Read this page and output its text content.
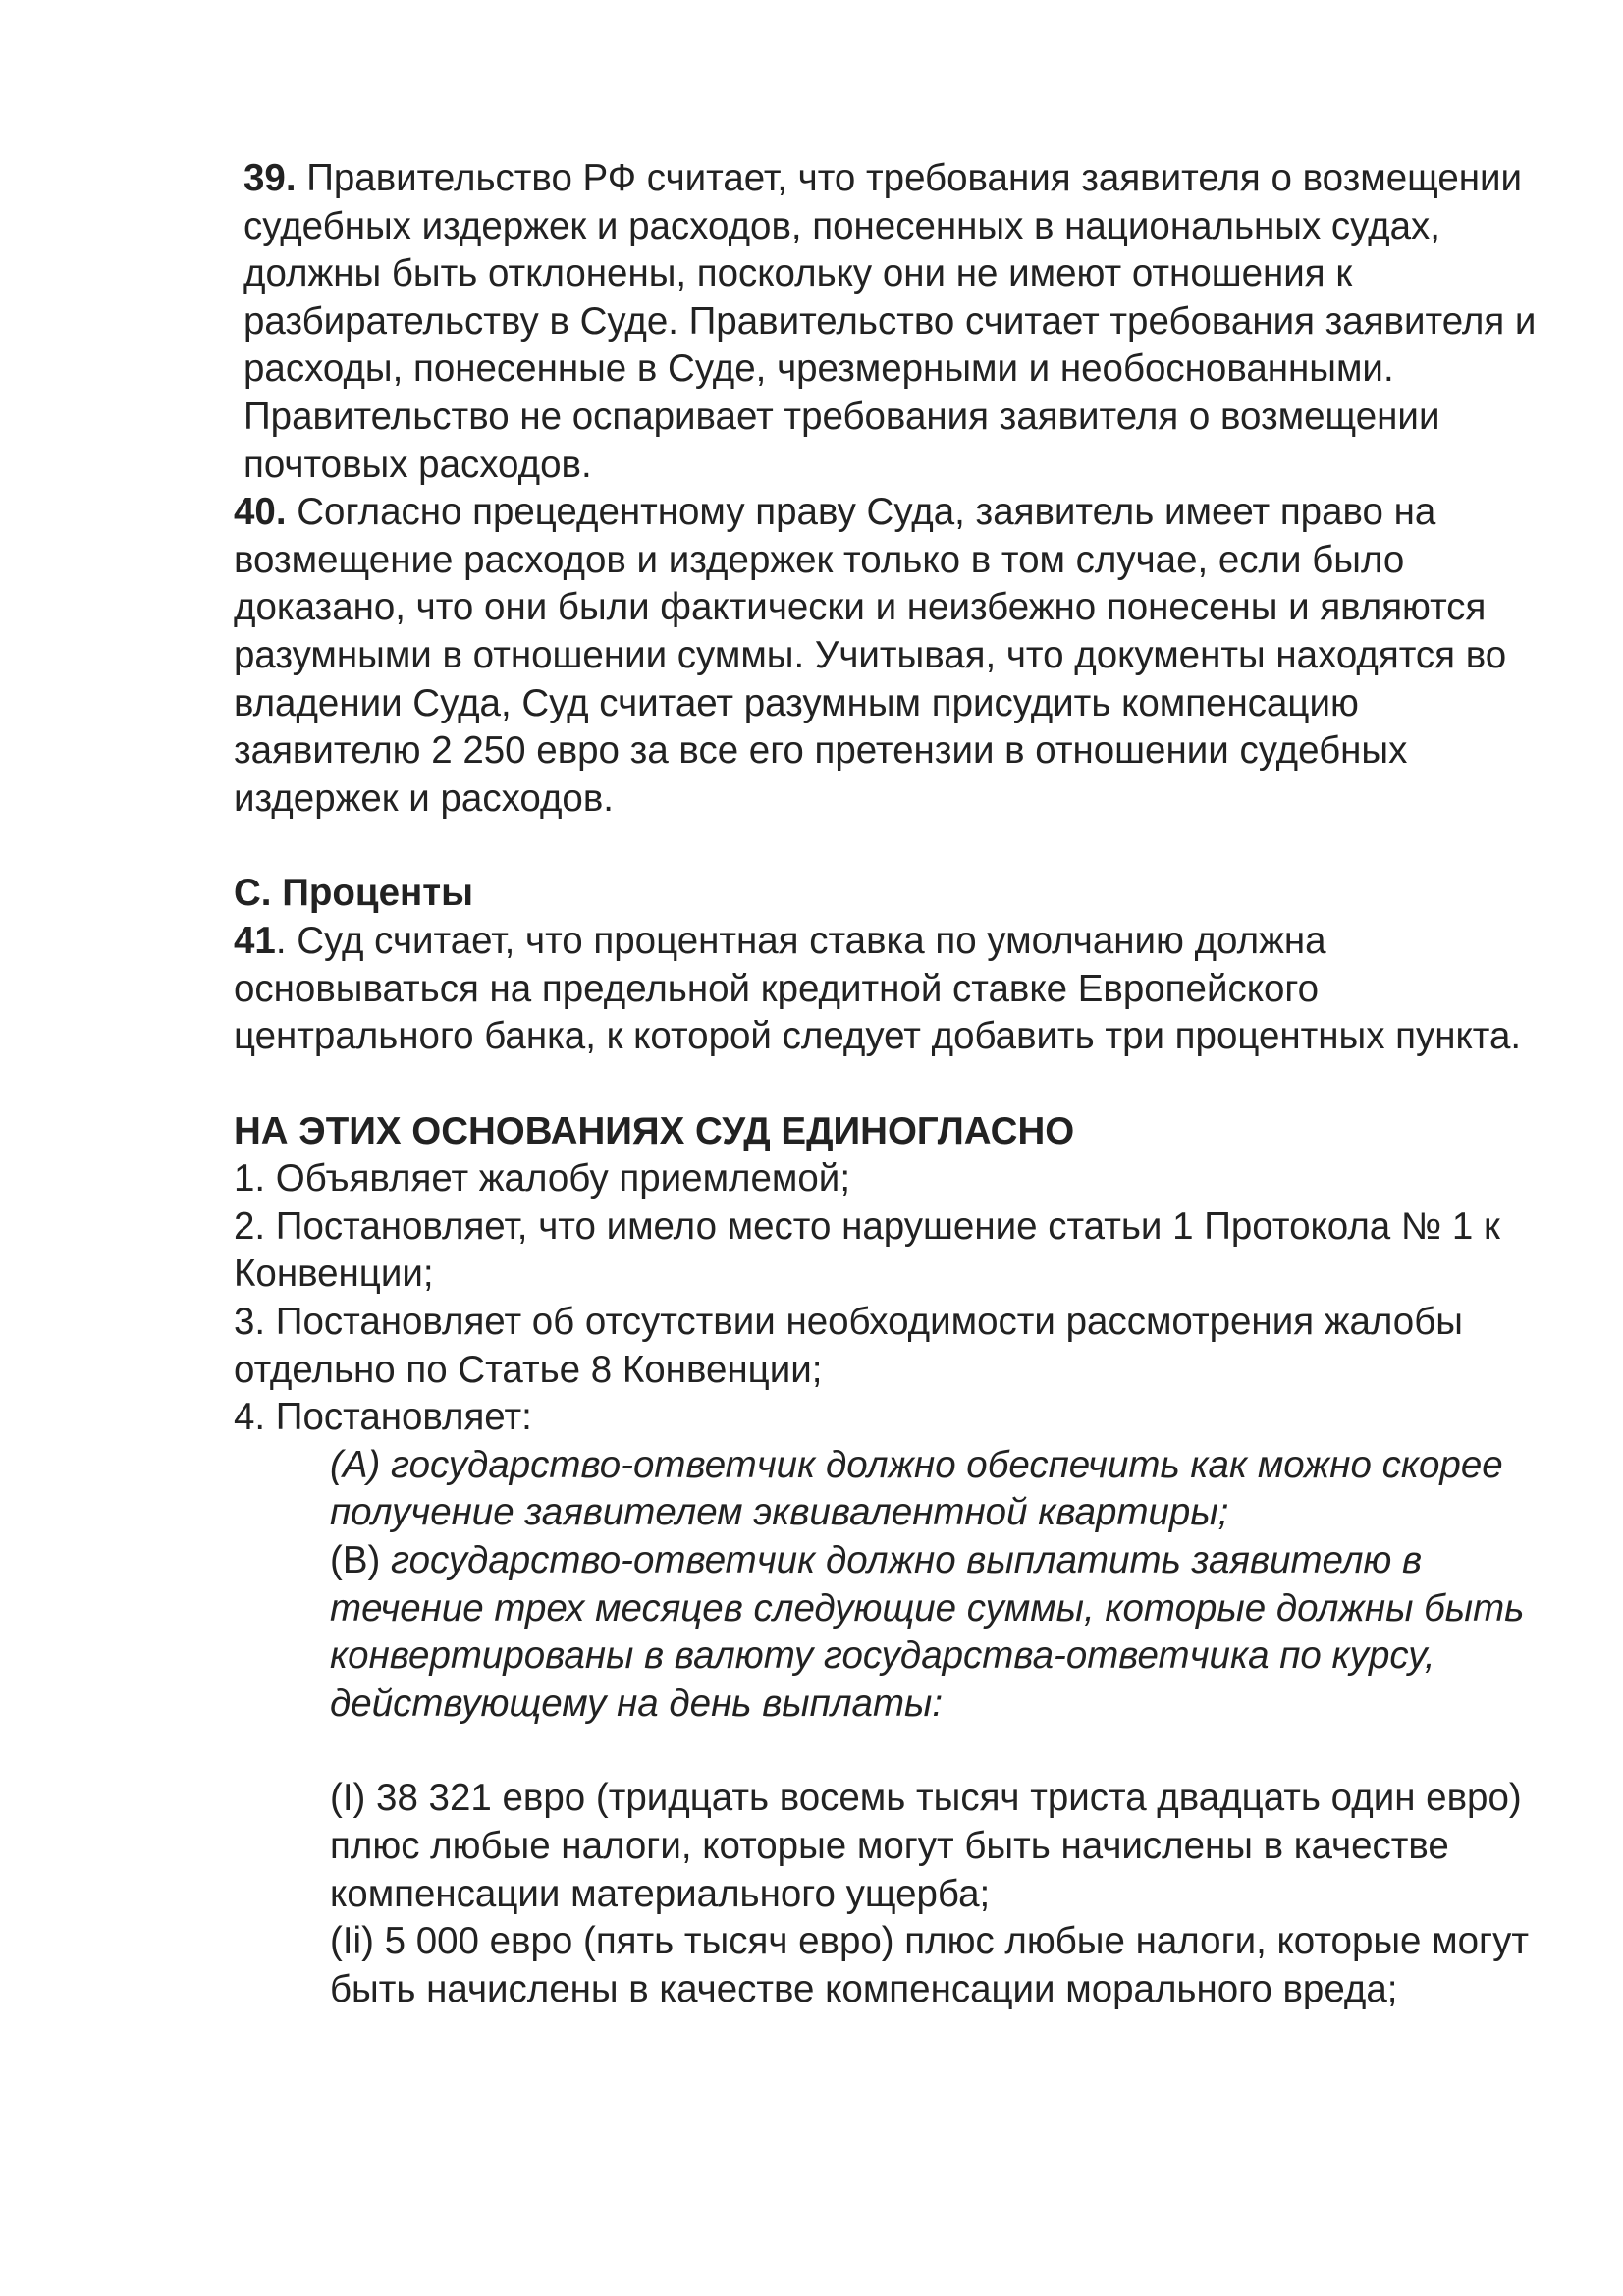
39. Правительство РФ считает, что требования заявителя о возмещении судебных издержек и расходов, понесенных в национальных судах, должны быть отклонены, поскольку они не имеют отношения к разбирательству в Суде. Правительство считает требования заявителя и расходы, понесенные в Суде, чрезмерными и необоснованными. Правительство не оспаривает требования заявителя о возмещении почтовых расходов.

40. Согласно прецедентному праву Суда, заявитель имеет право на возмещение расходов и издержек только в том случае, если было доказано, что они были фактически и неизбежно понесены и являются разумными в отношении суммы. Учитывая, что документы находятся во владении Суда, Суд считает разумным присудить компенсацию заявителю 2 250 евро за все его претензии в отношении судебных издержек и расходов.

С. Проценты

41. Суд считает, что процентная ставка по умолчанию должна основываться на предельной кредитной ставке Европейского центрального банка, к которой следует добавить три процентных пункта.

НА ЭТИХ ОСНОВАНИЯХ СУД ЕДИНОГЛАСНО

1. Объявляет жалобу приемлемой;

2. Постановляет, что имело место нарушение статьи 1 Протокола № 1 к Конвенции;

3. Постановляет об отсутствии необходимости рассмотрения жалобы отдельно по Статье 8 Конвенции;

4. Постановляет:

(А) государство-ответчик должно обеспечить как можно скорее получение заявителем эквивалентной квартиры;

(В) государство-ответчик должно выплатить заявителю в течение трех месяцев следующие суммы, которые должны быть конвертированы в валюту государства-ответчика по курсу, действующему на день выплаты:

(I) 38 321 евро (тридцать восемь тысяч триста двадцать один евро) плюс любые налоги, которые могут быть начислены в качестве компенсации материального ущерба;

(Ii) 5 000 евро (пять тысяч евро) плюс любые налоги, которые могут быть начислены в качестве компенсации морального вреда;
